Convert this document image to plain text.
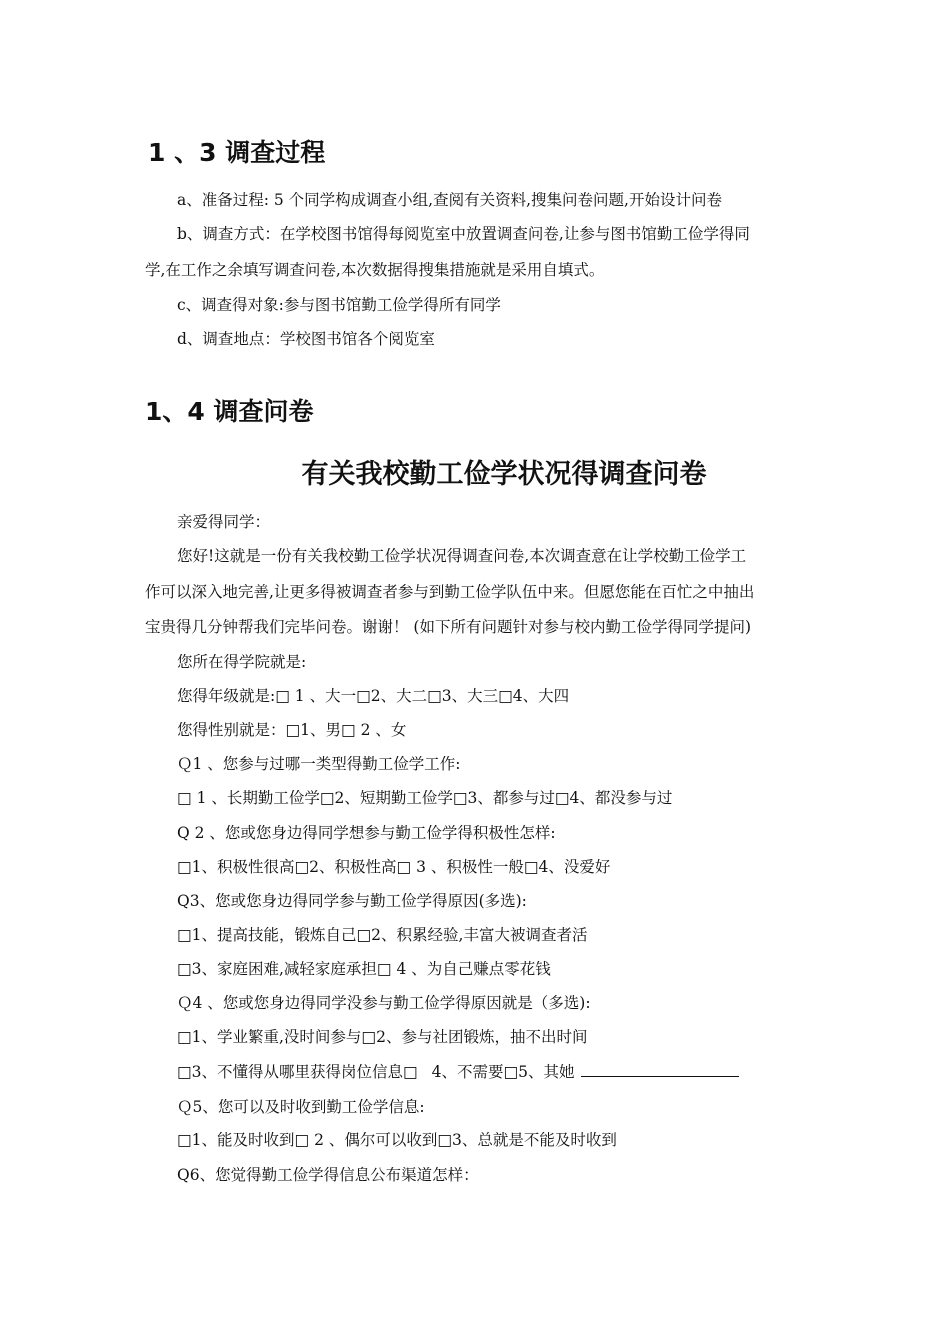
1 、3 调查过程

a、准备过程: 5 个同学构成调查小组,查阅有关资料,搜集问卷问题,开始设计问卷

b、调查方式：在学校图书馆得每阅览室中放置调查问卷,让参与图书馆勤工俭学得同

学,在工作之余填写调查问卷,本次数据得搜集措施就是采用自填式。

c、调查得对象:参与图书馆勤工俭学得所有同学

d、调查地点：学校图书馆各个阅览室

1、4 调查问卷
有关我校勤工俭学状况得调查问卷

亲爱得同学：

您好!这就是一份有关我校勤工俭学状况得调查问卷,本次调查意在让学校勤工俭学工

作可以深入地完善,让更多得被调查者参与到勤工俭学队伍中来。但愿您能在百忙之中抽出

宝贵得几分钟帮我们完毕问卷。谢谢！ (如下所有问题针对参与校内勤工俭学得同学提问)

您所在得学院就是:

您得年级就是:□ 1 、大一□2、大二□3、大三□4、大四

您得性别就是：□1、男□ 2 、女

Ｑ1 、您参与过哪一类型得勤工俭学工作:

□ 1 、长期勤工俭学□2、短期勤工俭学□3、都参与过□4、都没参与过

Q 2 、您或您身边得同学想参与勤工俭学得积极性怎样:

□1、积极性很高□2、积极性高□ 3 、积极性一般□4、没爱好

Q3、您或您身边得同学参与勤工俭学得原因(多选):

□1、提高技能，锻炼自己□2、积累经验,丰富大被调查者活

□3、家庭困难,减轻家庭承担□ 4 、为自己赚点零花钱

Ｑ4 、您或您身边得同学没参与勤工俭学得原因就是（多选):

□1、学业繁重,没时间参与□2、参与社团锻炼，抽不出时间

□3、不懂得从哪里获得岗位信息□ 4、不需要□5、其她

Ｑ5、您可以及时收到勤工俭学信息:

□1、能及时收到□ 2 、偶尔可以收到□3、总就是不能及时收到

Q6、您觉得勤工俭学得信息公布渠道怎样：
